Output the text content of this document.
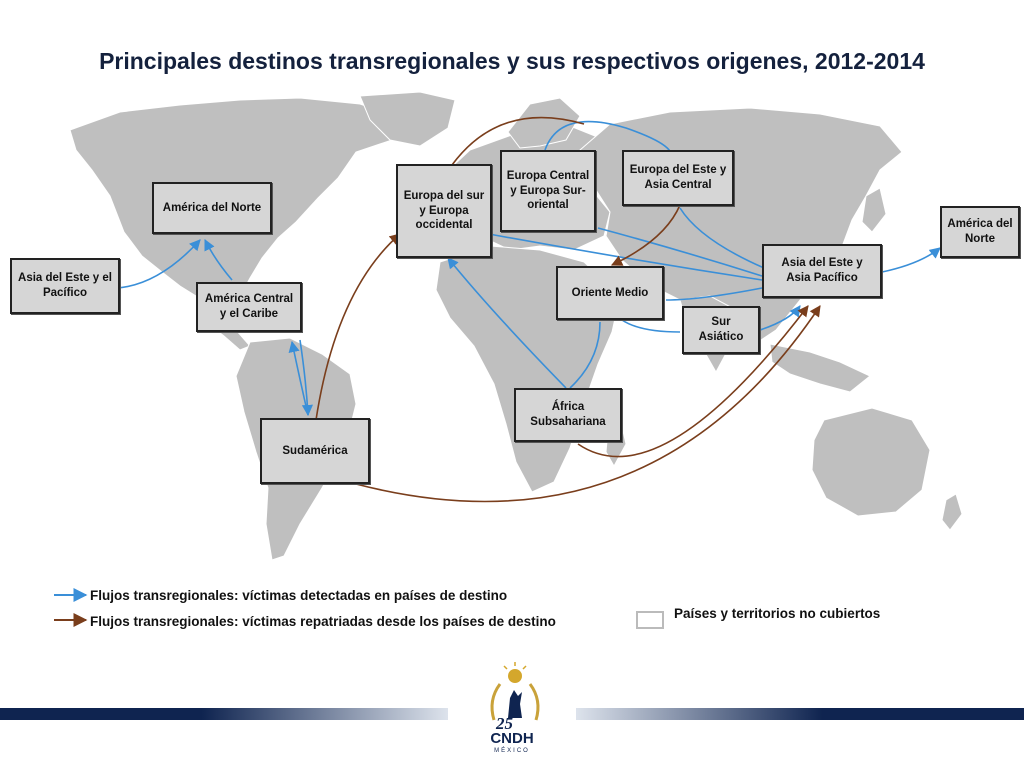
Principales destinos transregionales y sus respectivos origenes, 2012-2014
América del Norte
Asia del Este y el Pacífico
América Central y el Caribe
Sudamérica
Europa del sur y Europa occidental
Europa Central y Europa Sur-oriental
Europa del Este y Asia Central
Oriente Medio
África Subsahariana
Sur Asiático
Asia del Este y Asia Pacífico
América del Norte
Flujos transregionales: víctimas detectadas en países de destino
Flujos transregionales: víctimas repatriadas desde los países de destino
Países y territorios no cubiertos
25
CNDH
MÉXICO
